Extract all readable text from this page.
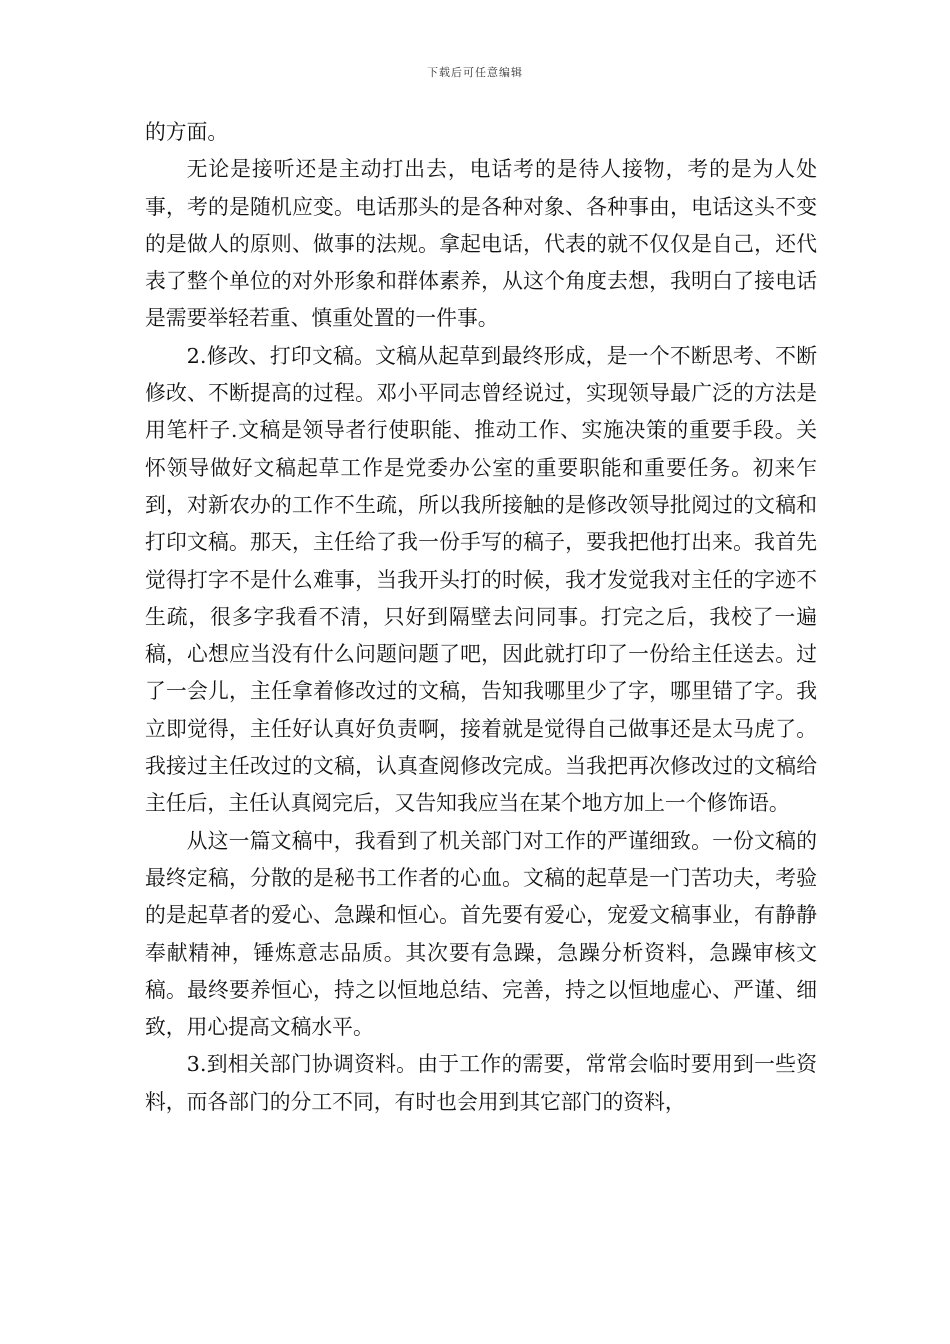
下载后可任意编辑

的方面。

无论是接听还是主动打出去，电话考的是待人接物，考的是为人处事，考的是随机应变。电话那头的是各种对象、各种事由，电话这头不变的是做人的原则、做事的法规。拿起电话，代表的就不仅仅是自己，还代表了整个单位的对外形象和群体素养，从这个角度去想，我明白了接电话是需要举轻若重、慎重处置的一件事。

2.修改、打印文稿。文稿从起草到最终形成，是一个不断思考、不断修改、不断提高的过程。邓小平同志曾经说过，实现领导最广泛的方法是用笔杆子.文稿是领导者行使职能、推动工作、实施决策的重要手段。关怀领导做好文稿起草工作是党委办公室的重要职能和重要任务。初来乍到，对新农办的工作不生疏，所以我所接触的是修改领导批阅过的文稿和打印文稿。那天，主任给了我一份手写的稿子，要我把他打出来。我首先觉得打字不是什么难事，当我开头打的时候，我才发觉我对主任的字迹不生疏，很多字我看不清，只好到隔壁去问同事。打完之后，我校了一遍稿，心想应当没有什么问题问题了吧，因此就打印了一份给主任送去。过了一会儿，主任拿着修改过的文稿，告知我哪里少了字，哪里错了字。我立即觉得，主任好认真好负责啊，接着就是觉得自己做事还是太马虎了。我接过主任改过的文稿，认真查阅修改完成。当我把再次修改过的文稿给主任后，主任认真阅完后，又告知我应当在某个地方加上一个修饰语。

从这一篇文稿中，我看到了机关部门对工作的严谨细致。一份文稿的最终定稿，分散的是秘书工作者的心血。文稿的起草是一门苦功夫，考验的是起草者的爱心、急躁和恒心。首先要有爱心，宠爱文稿事业，有静静奉献精神，锤炼意志品质。其次要有急躁，急躁分析资料，急躁审核文稿。最终要养恒心，持之以恒地总结、完善，持之以恒地虚心、严谨、细致，用心提高文稿水平。

3.到相关部门协调资料。由于工作的需要，常常会临时要用到一些资料，而各部门的分工不同，有时也会用到其它部门的资料，
